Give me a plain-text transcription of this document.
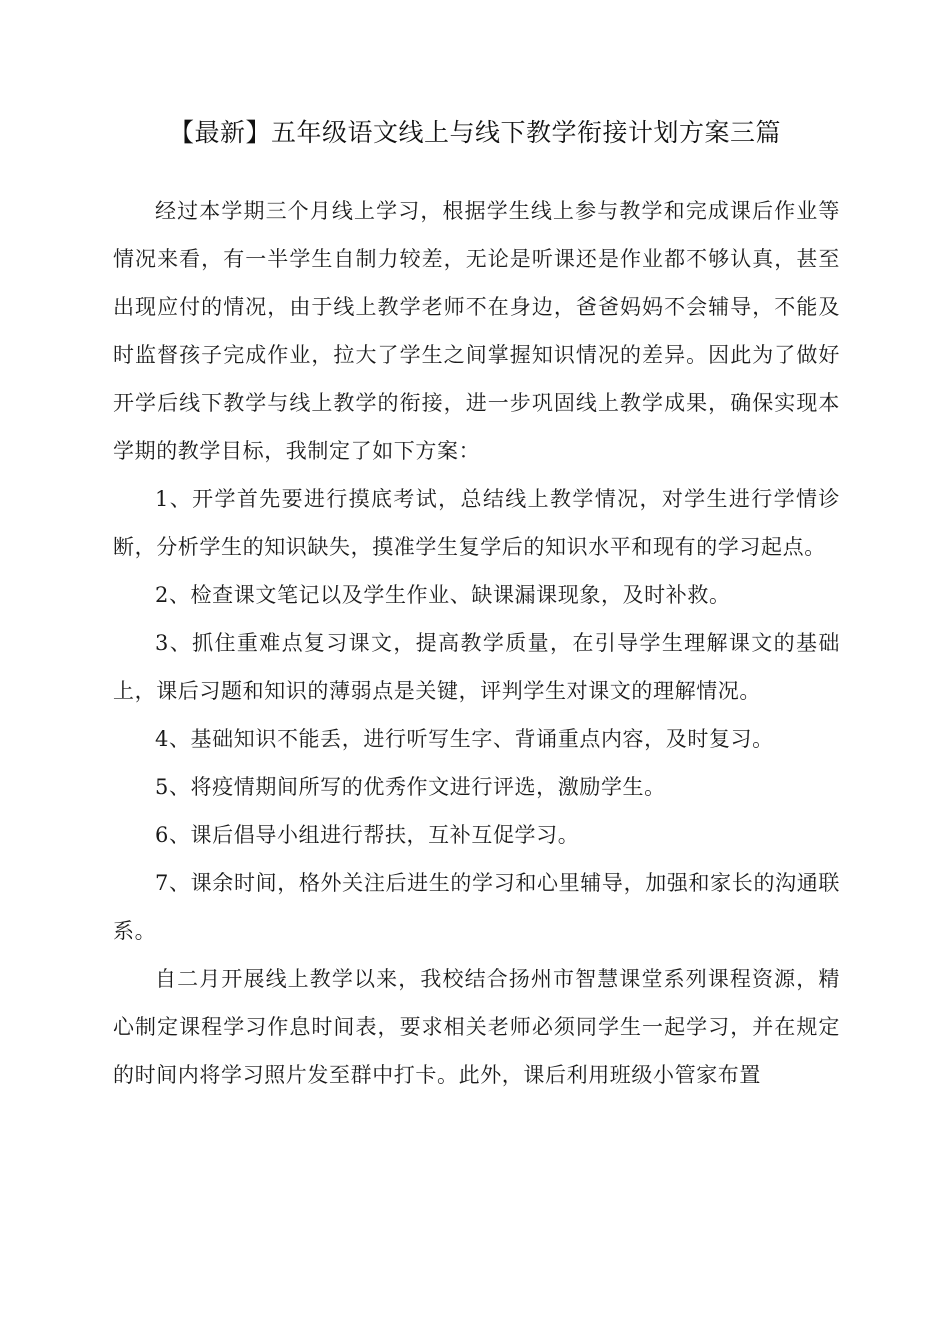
【最新】五年级语文线上与线下教学衔接计划方案三篇

经过本学期三个月线上学习，根据学生线上参与教学和完成课后作业等情况来看，有一半学生自制力较差，无论是听课还是作业都不够认真，甚至出现应付的情况，由于线上教学老师不在身边，爸爸妈妈不会辅导，不能及时监督孩子完成作业，拉大了学生之间掌握知识情况的差异。因此为了做好开学后线下教学与线上教学的衔接，进一步巩固线上教学成果，确保实现本学期的教学目标，我制定了如下方案：

1、开学首先要进行摸底考试，总结线上教学情况，对学生进行学情诊断，分析学生的知识缺失，摸准学生复学后的知识水平和现有的学习起点。

2、检查课文笔记以及学生作业、缺课漏课现象，及时补救。

3、抓住重难点复习课文，提高教学质量，在引导学生理解课文的基础上，课后习题和知识的薄弱点是关键，评判学生对课文的理解情况。

4、基础知识不能丢，进行听写生字、背诵重点内容，及时复习。

5、将疫情期间所写的优秀作文进行评选，激励学生。

6、课后倡导小组进行帮扶，互补互促学习。

7、课余时间，格外关注后进生的学习和心里辅导，加强和家长的沟通联系。

自二月开展线上教学以来，我校结合扬州市智慧课堂系列课程资源，精心制定课程学习作息时间表，要求相关老师必须同学生一起学习，并在规定的时间内将学习照片发至群中打卡。此外，课后利用班级小管家布置
